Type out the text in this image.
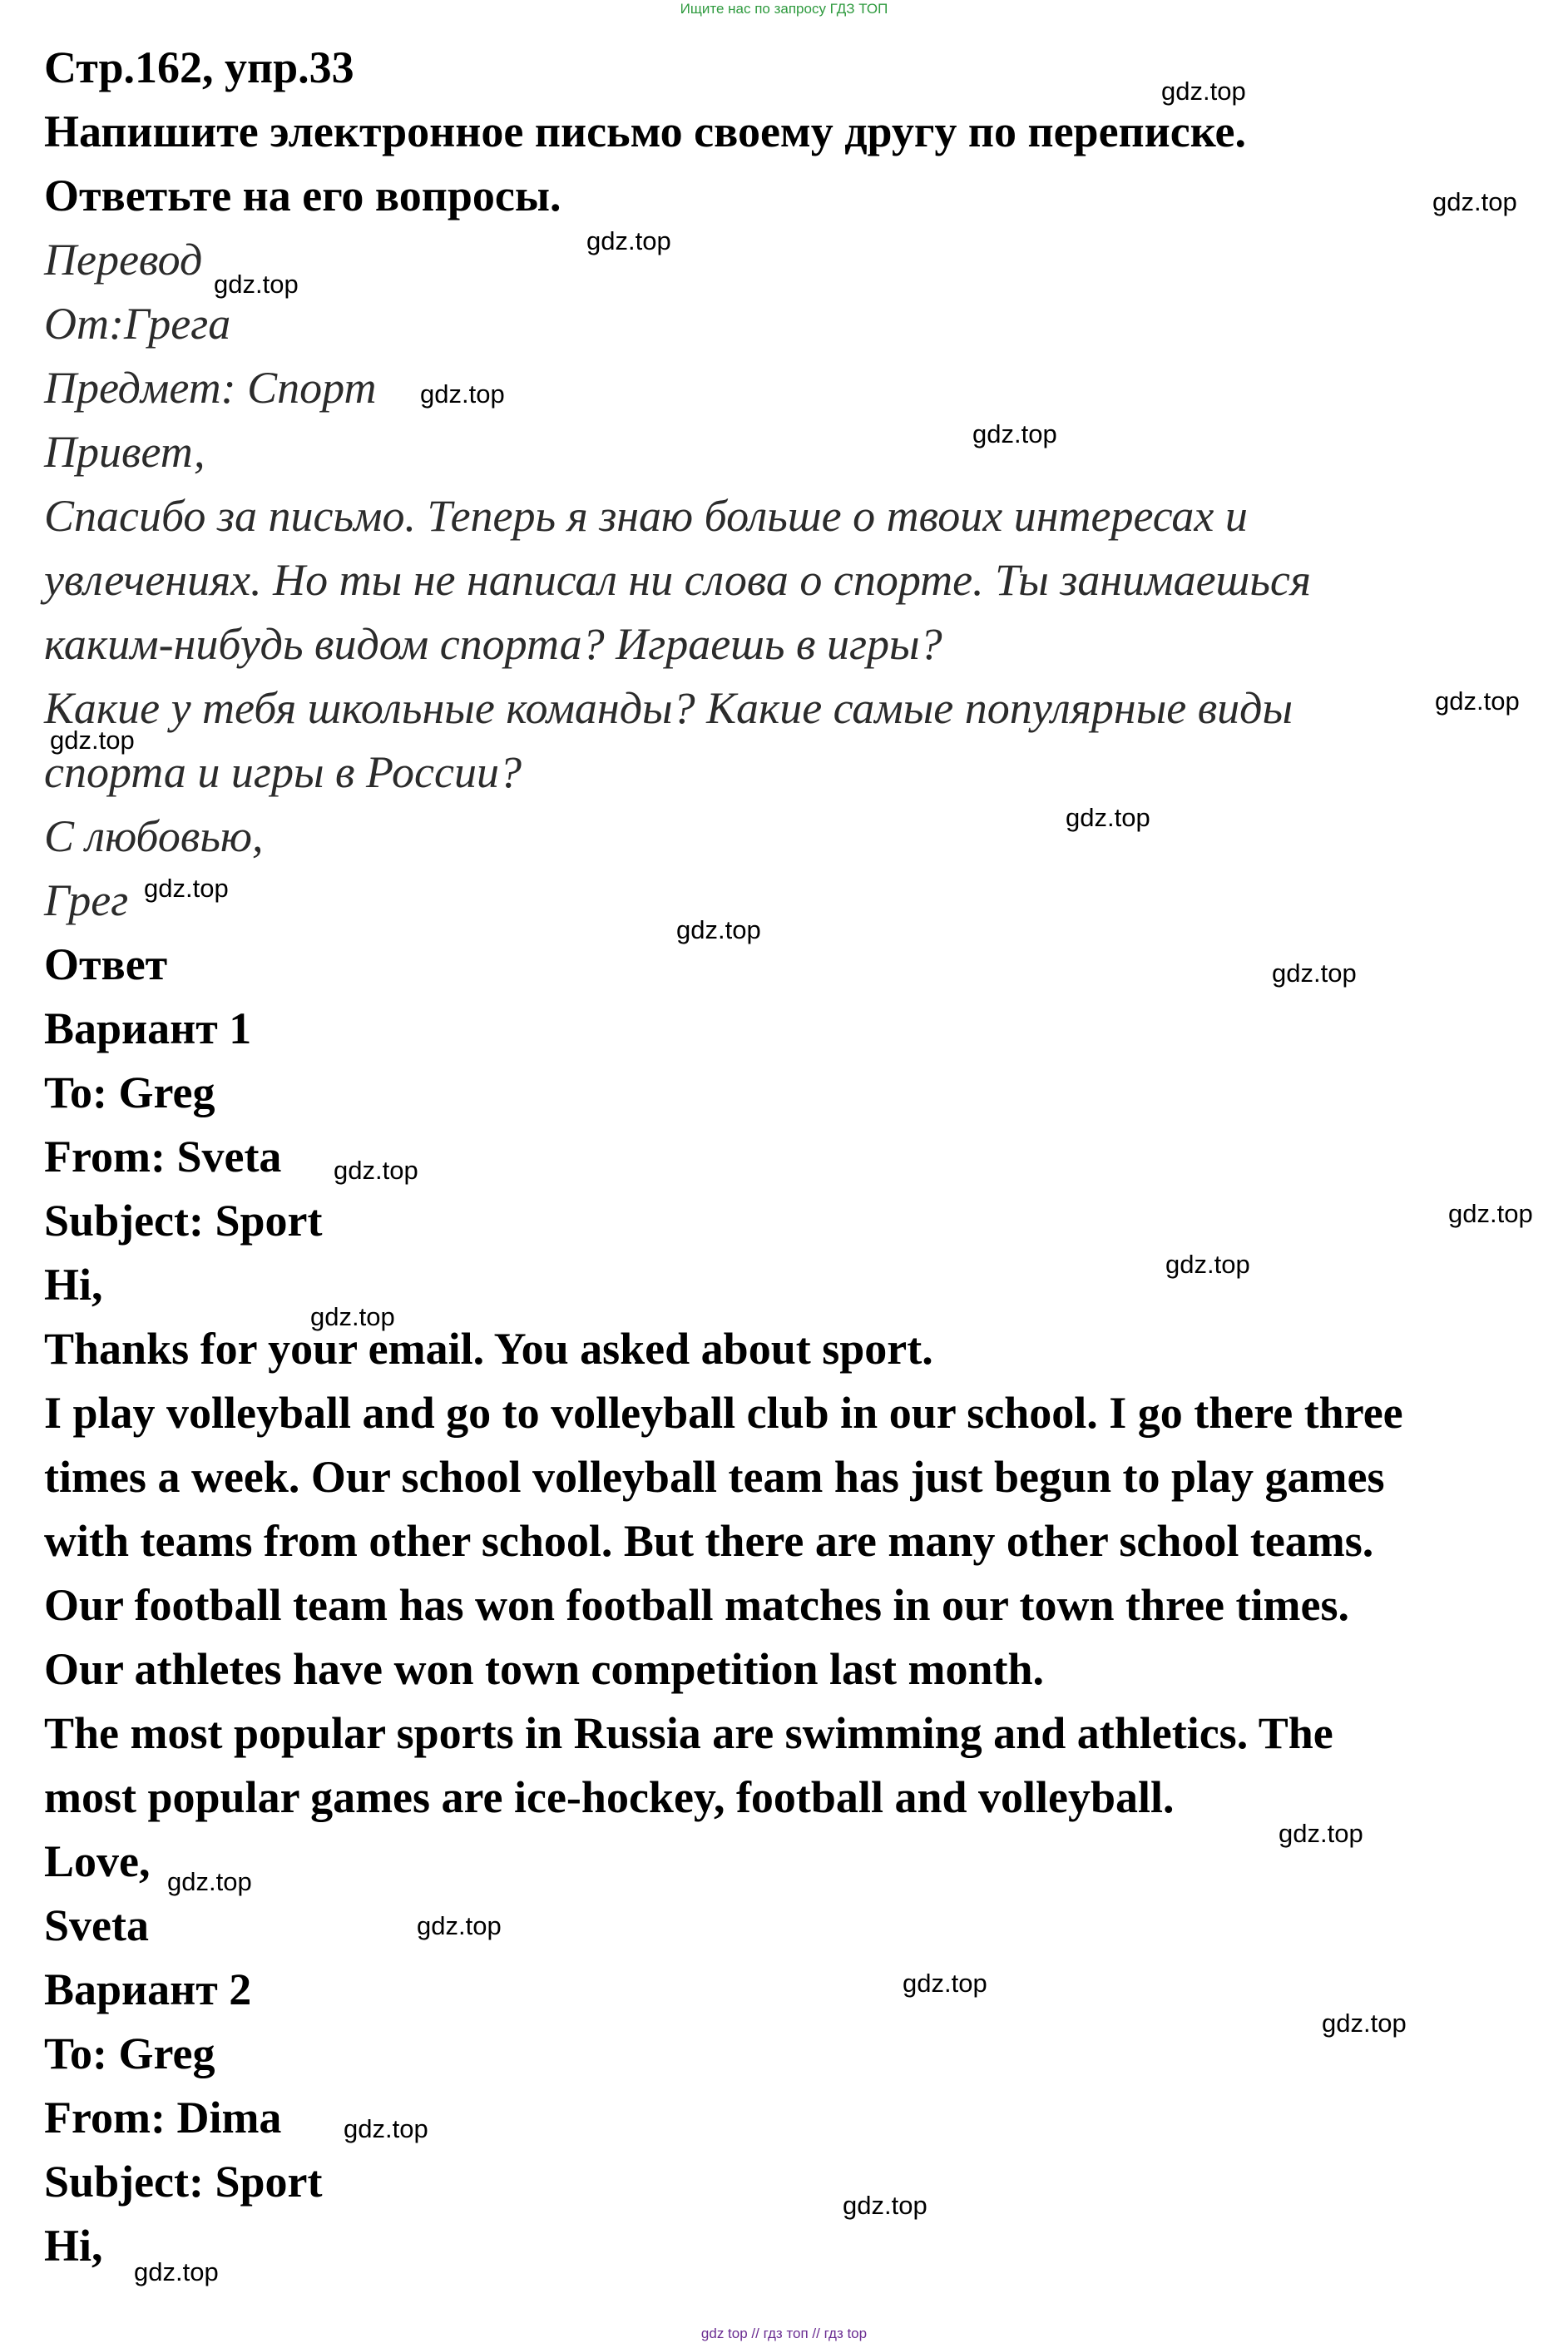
Ищите нас по запросу ГДЗ ТОП
Стр.162, упр.33
Напишите электронное письмо своему другу по переписке.
Ответьте на его вопросы.
Перевод
От:Грега
Предмет: Спорт
Привет,
Спасибо за письмо. Теперь я знаю больше о твоих интересах и
увлечениях. Но ты не написал ни слова о спорте. Ты занимаешься
каким-нибудь видом спорта? Играешь в игры?
Какие у тебя школьные команды? Какие самые популярные виды
спорта и игры в России?
С любовью,
Грег
Ответ
Вариант 1
To: Greg
From: Sveta
Subject: Sport
Hi,
Thanks for your email. You asked about sport.
I play volleyball and go to volleyball club in our school. I go there three
times a week. Our school volleyball team has just begun to play games
with teams from other school. But there are many other school teams.
Our football team has won football matches in our town three times.
Our athletes have won town competition last month.
The most popular sports in Russia are swimming and athletics. The
most popular games are ice-hockey, football and volleyball.
Love,
Sveta
Вариант 2
To: Greg
From: Dima
Subject: Sport
Hi,
gdz.top
gdz.top
gdz.top
gdz.top
gdz.top
gdz.top
gdz.top
gdz.top
gdz.top
gdz.top
gdz.top
gdz.top
gdz.top
gdz.top
gdz.top
gdz.top
gdz.top
gdz.top
gdz.top
gdz.top
gdz.top
gdz.top
gdz.top
gdz.top
gdz top // гдз топ // гдз top
